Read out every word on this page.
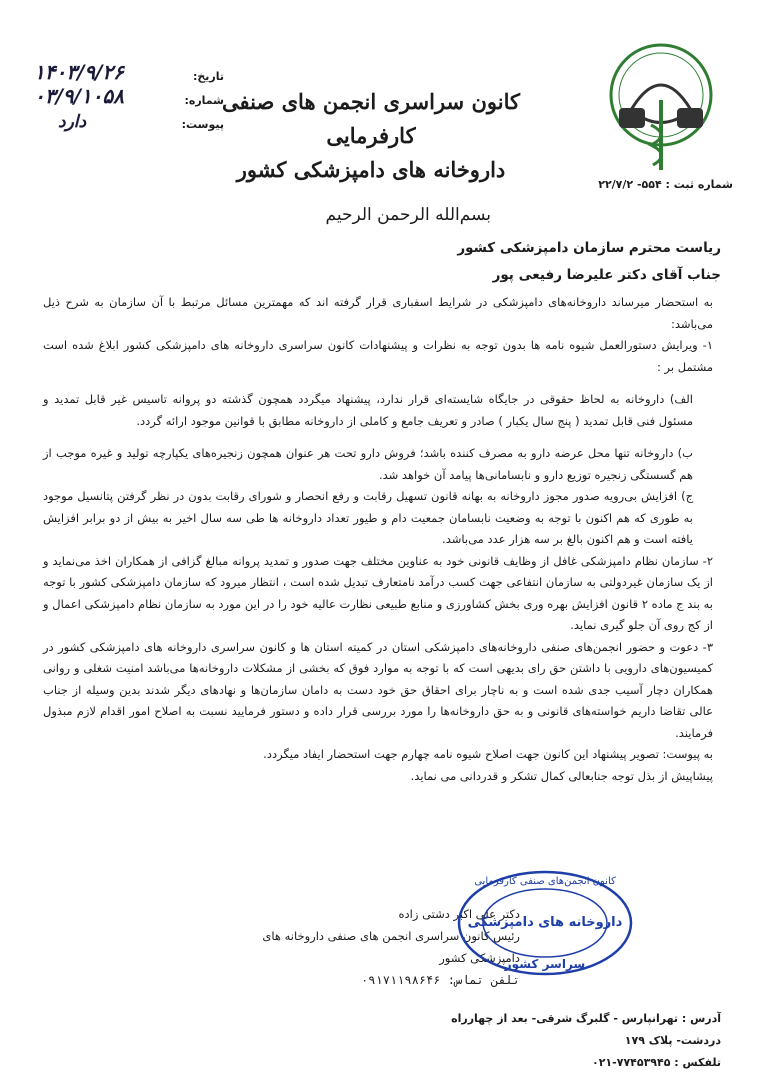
شماره ثبت : ۵۵۴- ۲۲/۷/۲
کانون سراسری انجمن های صنفی کارفرمایی
داروخانه های دامپزشکی کشور
تاریخ:
۱۴۰۳/۹/۲۶
شماره:
۰۳/۹/۱۰۵۸
پیوست:
دارد
بسم‌الله الرحمن الرحیم
ریاست محترم سازمان دامپزشکی کشور
جناب آقای دکتر علیرضا رفیعی پور

به استحضار میرساند داروخانه‌های دامپزشکی در شرایط اسفباری قرار گرفته اند که مهمترین مسائل مرتبط با آن سازمان به شرح ذیل می‌باشد:

۱- ویرایش دستورالعمل شیوه نامه ها بدون توجه به نظرات و پیشنهادات کانون سراسری داروخانه های دامپزشکی کشور ابلاغ شده است مشتمل بر :

الف) داروخانه به لحاظ حقوقی در جایگاه شایسته‌ای قرار ندارد، پیشنهاد میگردد همچون گذشته دو پروانه تاسیس غیر قابل تمدید و مسئول فنی قابل تمدید ( پنج سال یکبار ) صادر و تعریف جامع و کاملی از داروخانه مطابق با قوانین موجود ارائه گردد.

ب) داروخانه تنها محل عرضه دارو به مصرف کننده باشد؛ فروش دارو تحت هر عنوان همچون زنجیره‌های یکپارچه تولید و غیره موجب از هم گسستگی زنجیره توزیع دارو و نابسامانی‌ها پیامد آن خواهد شد.

ج) افزایش بی‌رویه صدور مجوز داروخانه به بهانه قانون تسهیل رقابت و رفع انحصار و شورای رقابت بدون در نظر گرفتن پتانسیل موجود به طوری که هم اکنون با توجه به وضعیت نابسامان جمعیت دام و طیور تعداد داروخانه ها طی سه سال اخیر به بیش از دو برابر افزایش یافته است و هم اکنون بالغ بر سه هزار عدد می‌باشد.

۲- سازمان نظام دامپزشکی غافل از وظایف قانونی خود به عناوین مختلف جهت صدور و تمدید پروانه مبالغ گزافی از همکاران اخذ می‌نماید و از یک سازمان غیردولتی به سازمان انتفاعی جهت کسب درآمد نامتعارف تبدیل شده است ، انتظار میرود که سازمان دامپزشکی کشور با توجه به بند ج ماده ۲ قانون افزایش بهره وری بخش کشاورزی و منابع طبیعی نظارت عالیه خود را در این مورد به سازمان نظام دامپزشکی اعمال و از کج روی آن جلو گیری نماید.

۳- دعوت و حضور انجمن‌های صنفی داروخانه‌های دامپزشکی استان در کمیته استان ها و کانون سراسری داروخانه های دامپزشکی کشور در کمیسیون‌های دارویی با داشتن حق رای بدیهی است که با توجه به موارد فوق که بخشی از مشکلات داروخانه‌ها می‌باشد امنیت شغلی و روانی همکاران دچار آسیب جدی شده است و به ناچار برای احقاق حق خود دست به دامان سازمان‌ها و نهادهای دیگر شدند بدین وسیله از جناب عالی تقاضا داریم خواسته‌های قانونی و به حق داروخانه‌ها را مورد بررسی قرار داده و دستور فرمایید نسبت به اصلاح امور اقدام لازم مبذول فرمایند.

به پیوست: تصویر پیشنهاد این کانون جهت اصلاح شیوه نامه چهارم جهت استحضار ایفاد میگردد.

پیشاپیش از بذل توجه جنابعالی کمال تشکر و قدردانی می نماید.

دکتر علی اکبر دشتی زاده
رئیس کانون سراسری انجمن های صنفی داروخانه های دامپزشکی کشور
تلفن تماس: ۰۹۱۷۱۱۹۸۶۴۶
کانون انجمن‌های صنفی کارفرمایی
داروخانه های دامپزشکی
سراسر کشور
آدرس : تهرانپارس - گلبرگ شرقی- بعد از چهارراه دردشت- پلاک ۱۷۹
تلفکس : ۷۷۴۵۳۹۴۵-۰۲۱
